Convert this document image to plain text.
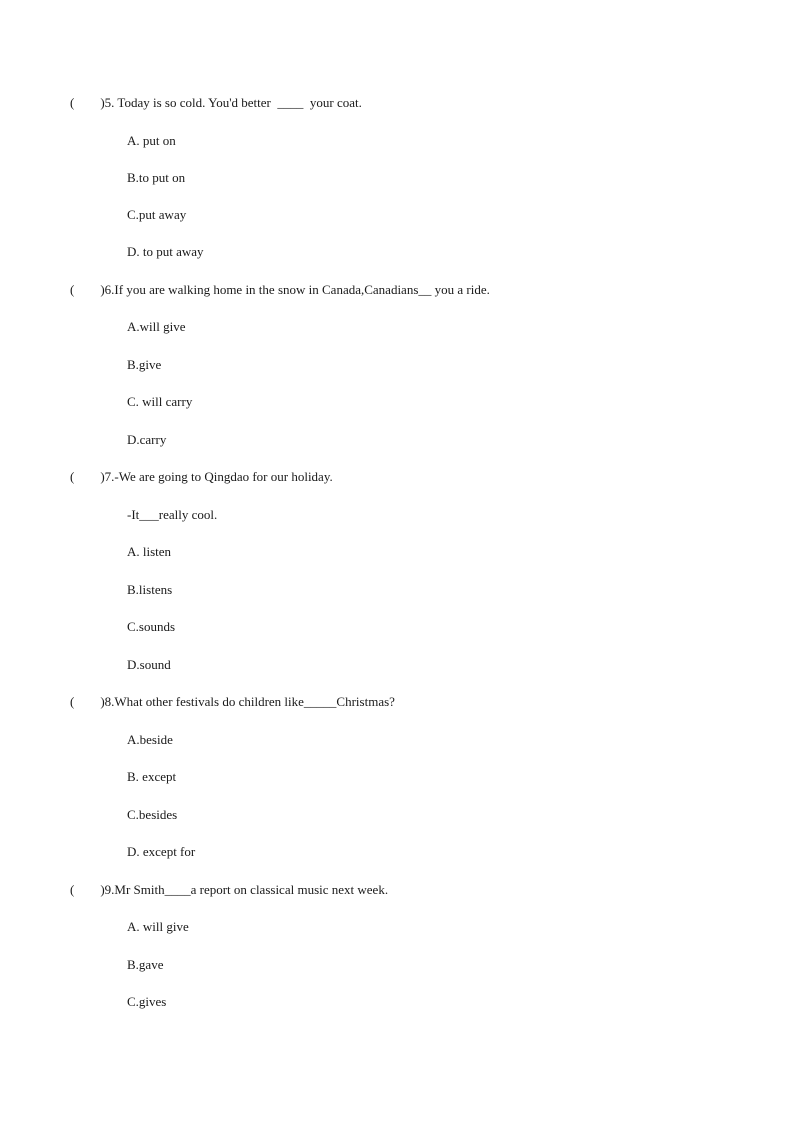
(        )5. Today is so cold. You'd better  ____  your coat.
A. put on
B.to put on
C.put away
D. to put away
(        )6.If you are walking home in the snow in Canada,Canadians__ you a ride.
A.will give
B.give
C. will carry
D.carry
(        )7.-We are going to Qingdao for our holiday.
-It___really cool.
A. listen
B.listens
C.sounds
D.sound
(        )8.What other festivals do children like_____Christmas?
A.beside
B. except
C.besides
D. except for
(        )9.Mr Smith____a report on classical music next week.
A. will give
B.gave
C.gives
